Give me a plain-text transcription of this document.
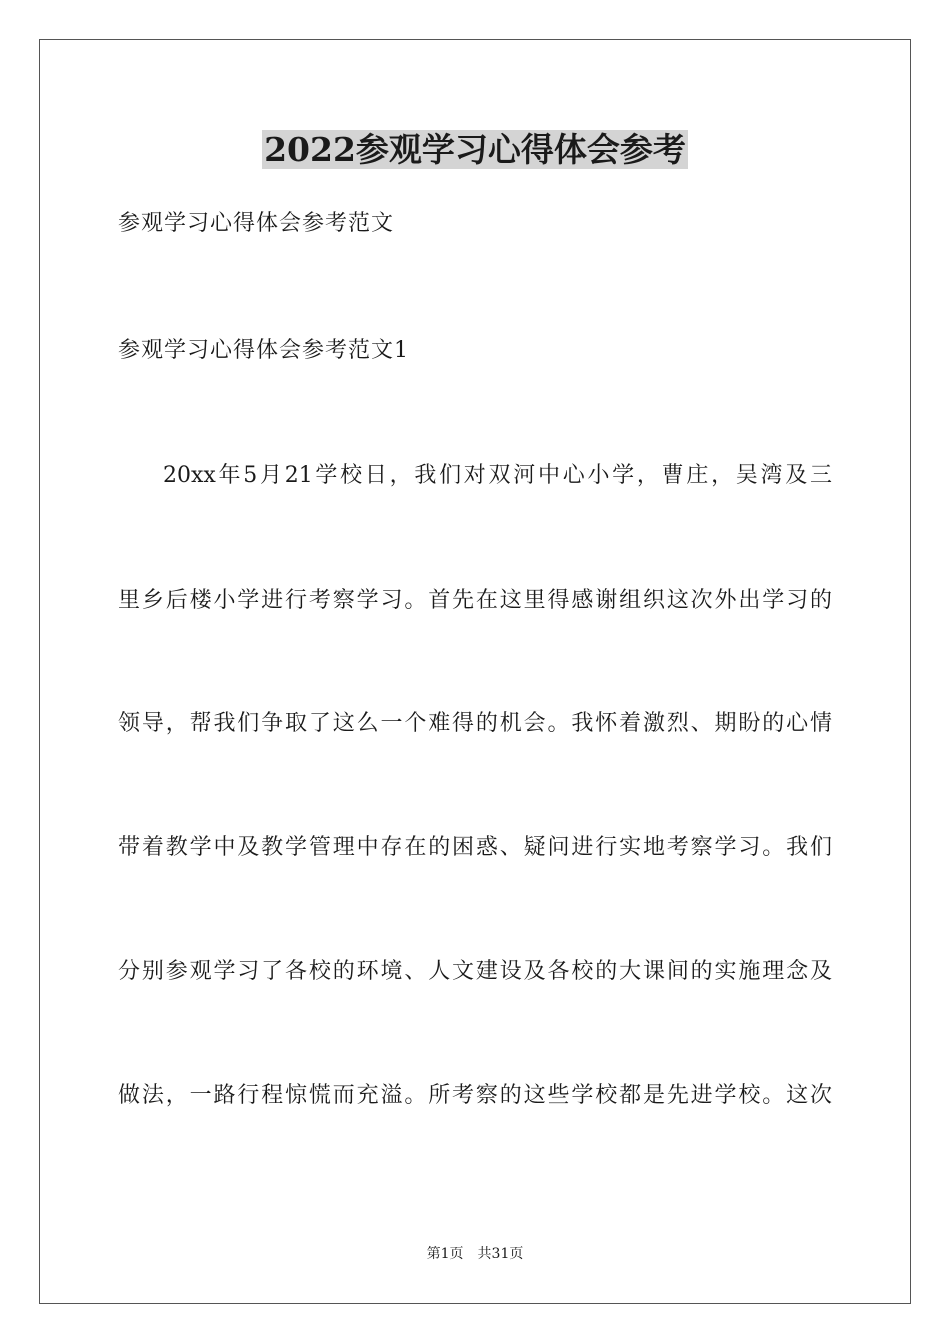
2022参观学习心得体会参考
参观学习心得体会参考范文
参观学习心得体会参考范文1
20xx年5月21学校日，我们对双河中心小学，曹庄，吴湾及三
里乡后楼小学进行考察学习。首先在这里得感谢组织这次外出学习的
领导，帮我们争取了这么一个难得的机会。我怀着激烈、期盼的心情
带着教学中及教学管理中存在的困惑、疑问进行实地考察学习。我们
分别参观学习了各校的环境、人文建设及各校的大课间的实施理念及
做法，一路行程惊慌而充溢。所考察的这些学校都是先进学校。这次
第1页 共31页
